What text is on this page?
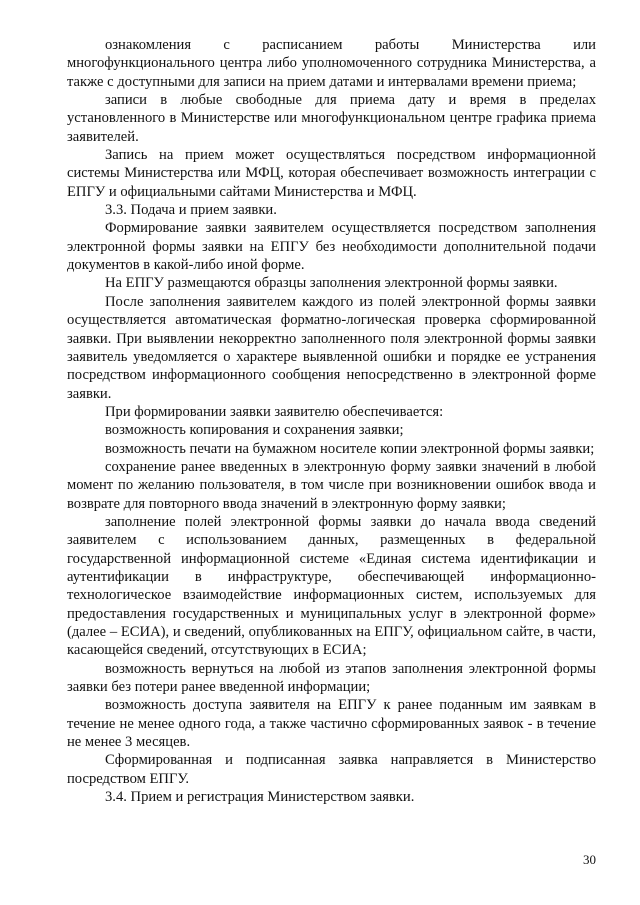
ознакомления с расписанием работы Министерства или многофункционального центра либо уполномоченного сотрудника Министерства, а также с доступными для записи на прием датами и интервалами времени приема;

записи в любые свободные для приема дату и время в пределах установленного в Министерстве или многофункциональном центре графика приема заявителей.

Запись на прием может осуществляться посредством информационной системы Министерства или МФЦ, которая обеспечивает возможность интеграции с ЕПГУ и официальными сайтами Министерства и МФЦ.

3.3. Подача и прием заявки.

Формирование заявки заявителем осуществляется посредством заполнения электронной формы заявки на ЕПГУ без необходимости дополнительной подачи документов в какой-либо иной форме.

На ЕПГУ размещаются образцы заполнения электронной формы заявки.

После заполнения заявителем каждого из полей электронной формы заявки осуществляется автоматическая форматно-логическая проверка сформированной заявки. При выявлении некорректно заполненного поля электронной формы заявки заявитель уведомляется о характере выявленной ошибки и порядке ее устранения посредством информационного сообщения непосредственно в электронной форме заявки.

При формировании заявки заявителю обеспечивается:

возможность копирования и сохранения заявки;

возможность печати на бумажном носителе копии электронной формы заявки;

сохранение ранее введенных в электронную форму заявки значений в любой момент по желанию пользователя, в том числе при возникновении ошибок ввода и возврате для повторного ввода значений в электронную форму заявки;

заполнение полей электронной формы заявки до начала ввода сведений заявителем с использованием данных, размещенных в федеральной государственной информационной системе «Единая система идентификации и аутентификации в инфраструктуре, обеспечивающей информационно-технологическое взаимодействие информационных систем, используемых для предоставления государственных и муниципальных услуг в электронной форме» (далее – ЕСИА), и сведений, опубликованных на ЕПГУ, официальном сайте, в части, касающейся сведений, отсутствующих в ЕСИА;

возможность вернуться на любой из этапов заполнения электронной формы заявки без потери ранее введенной информации;

возможность доступа заявителя на ЕПГУ к ранее поданным им заявкам в течение не менее одного года, а также частично сформированных заявок - в течение не менее 3 месяцев.

Сформированная и подписанная заявка направляется в Министерство посредством ЕПГУ.

3.4. Прием и регистрация Министерством заявки.

30
